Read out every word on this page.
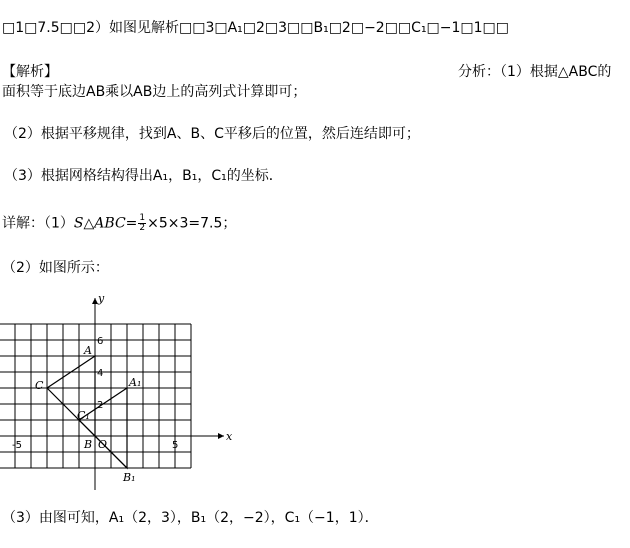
□1□7.5□□2）如图见解析□□3□A₁□2□3□□B₁□2□−2□□C₁□−1□1□□
【解析】	分析：（1）根据△ABC的
面积等于底边AB乘以AB边上的高列式计算即可；
（2）根据平移规律，找到A、B、C平移后的位置，然后连结即可；
（3）根据网格结构得出A₁，B₁，C₁的坐标．
详解：（1）S△ABC= $\frac{1}{2} \times 5\times 3=7.5$；
（2）如图所示：
x
y
O
-5	5
2
4
6
A
B
C	A₁
B₁
C₁
（3）由图可知，A₁（2，3），B₁（2，−2），C₁（−1，1）．
